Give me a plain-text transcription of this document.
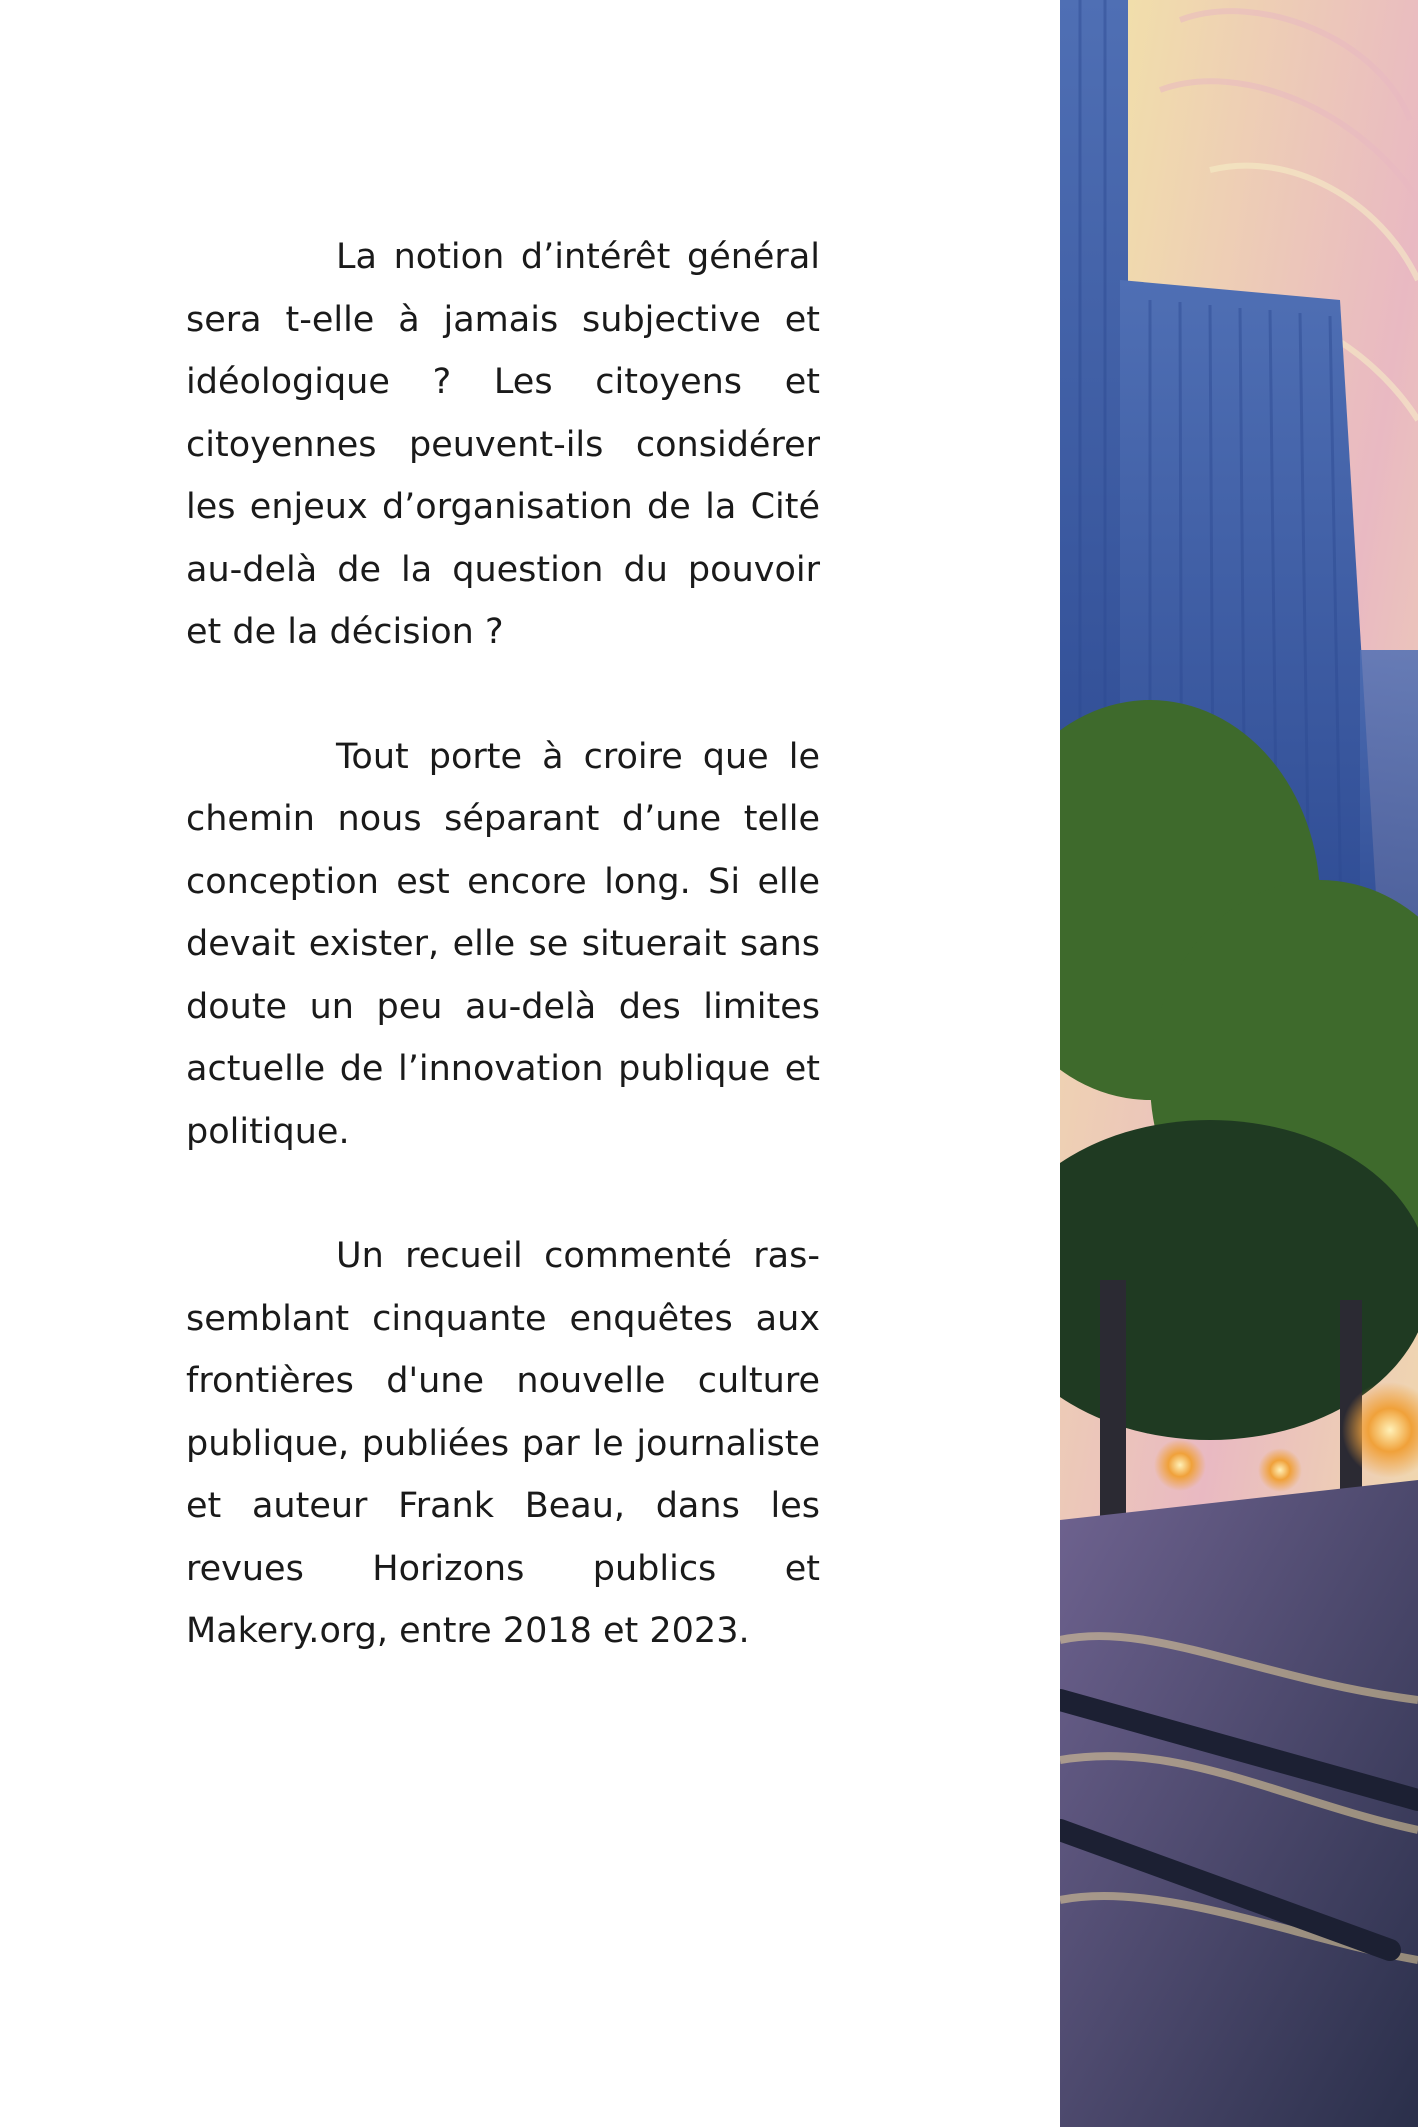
La notion d’intérêt général sera t-elle à jamais subjective et idéologique ? Les citoyens et citoyennes peuvent-ils considérer les enjeux d’organisation de la Cité au-delà de la question du pouvoir et de la décision ?

Tout porte à croire que le chemin nous séparant d’une telle conception est encore long. Si elle devait exister, elle se situerait sans doute un peu au-delà des limites actuelle de l’innovation publique et politique.

Un recueil commenté rassemblant cinquante enquêtes aux frontières d'une nouvelle culture publique, publiées par le journaliste et auteur Frank Beau, dans les revues Horizons publics et Makery.org, entre 2018 et 2023.
